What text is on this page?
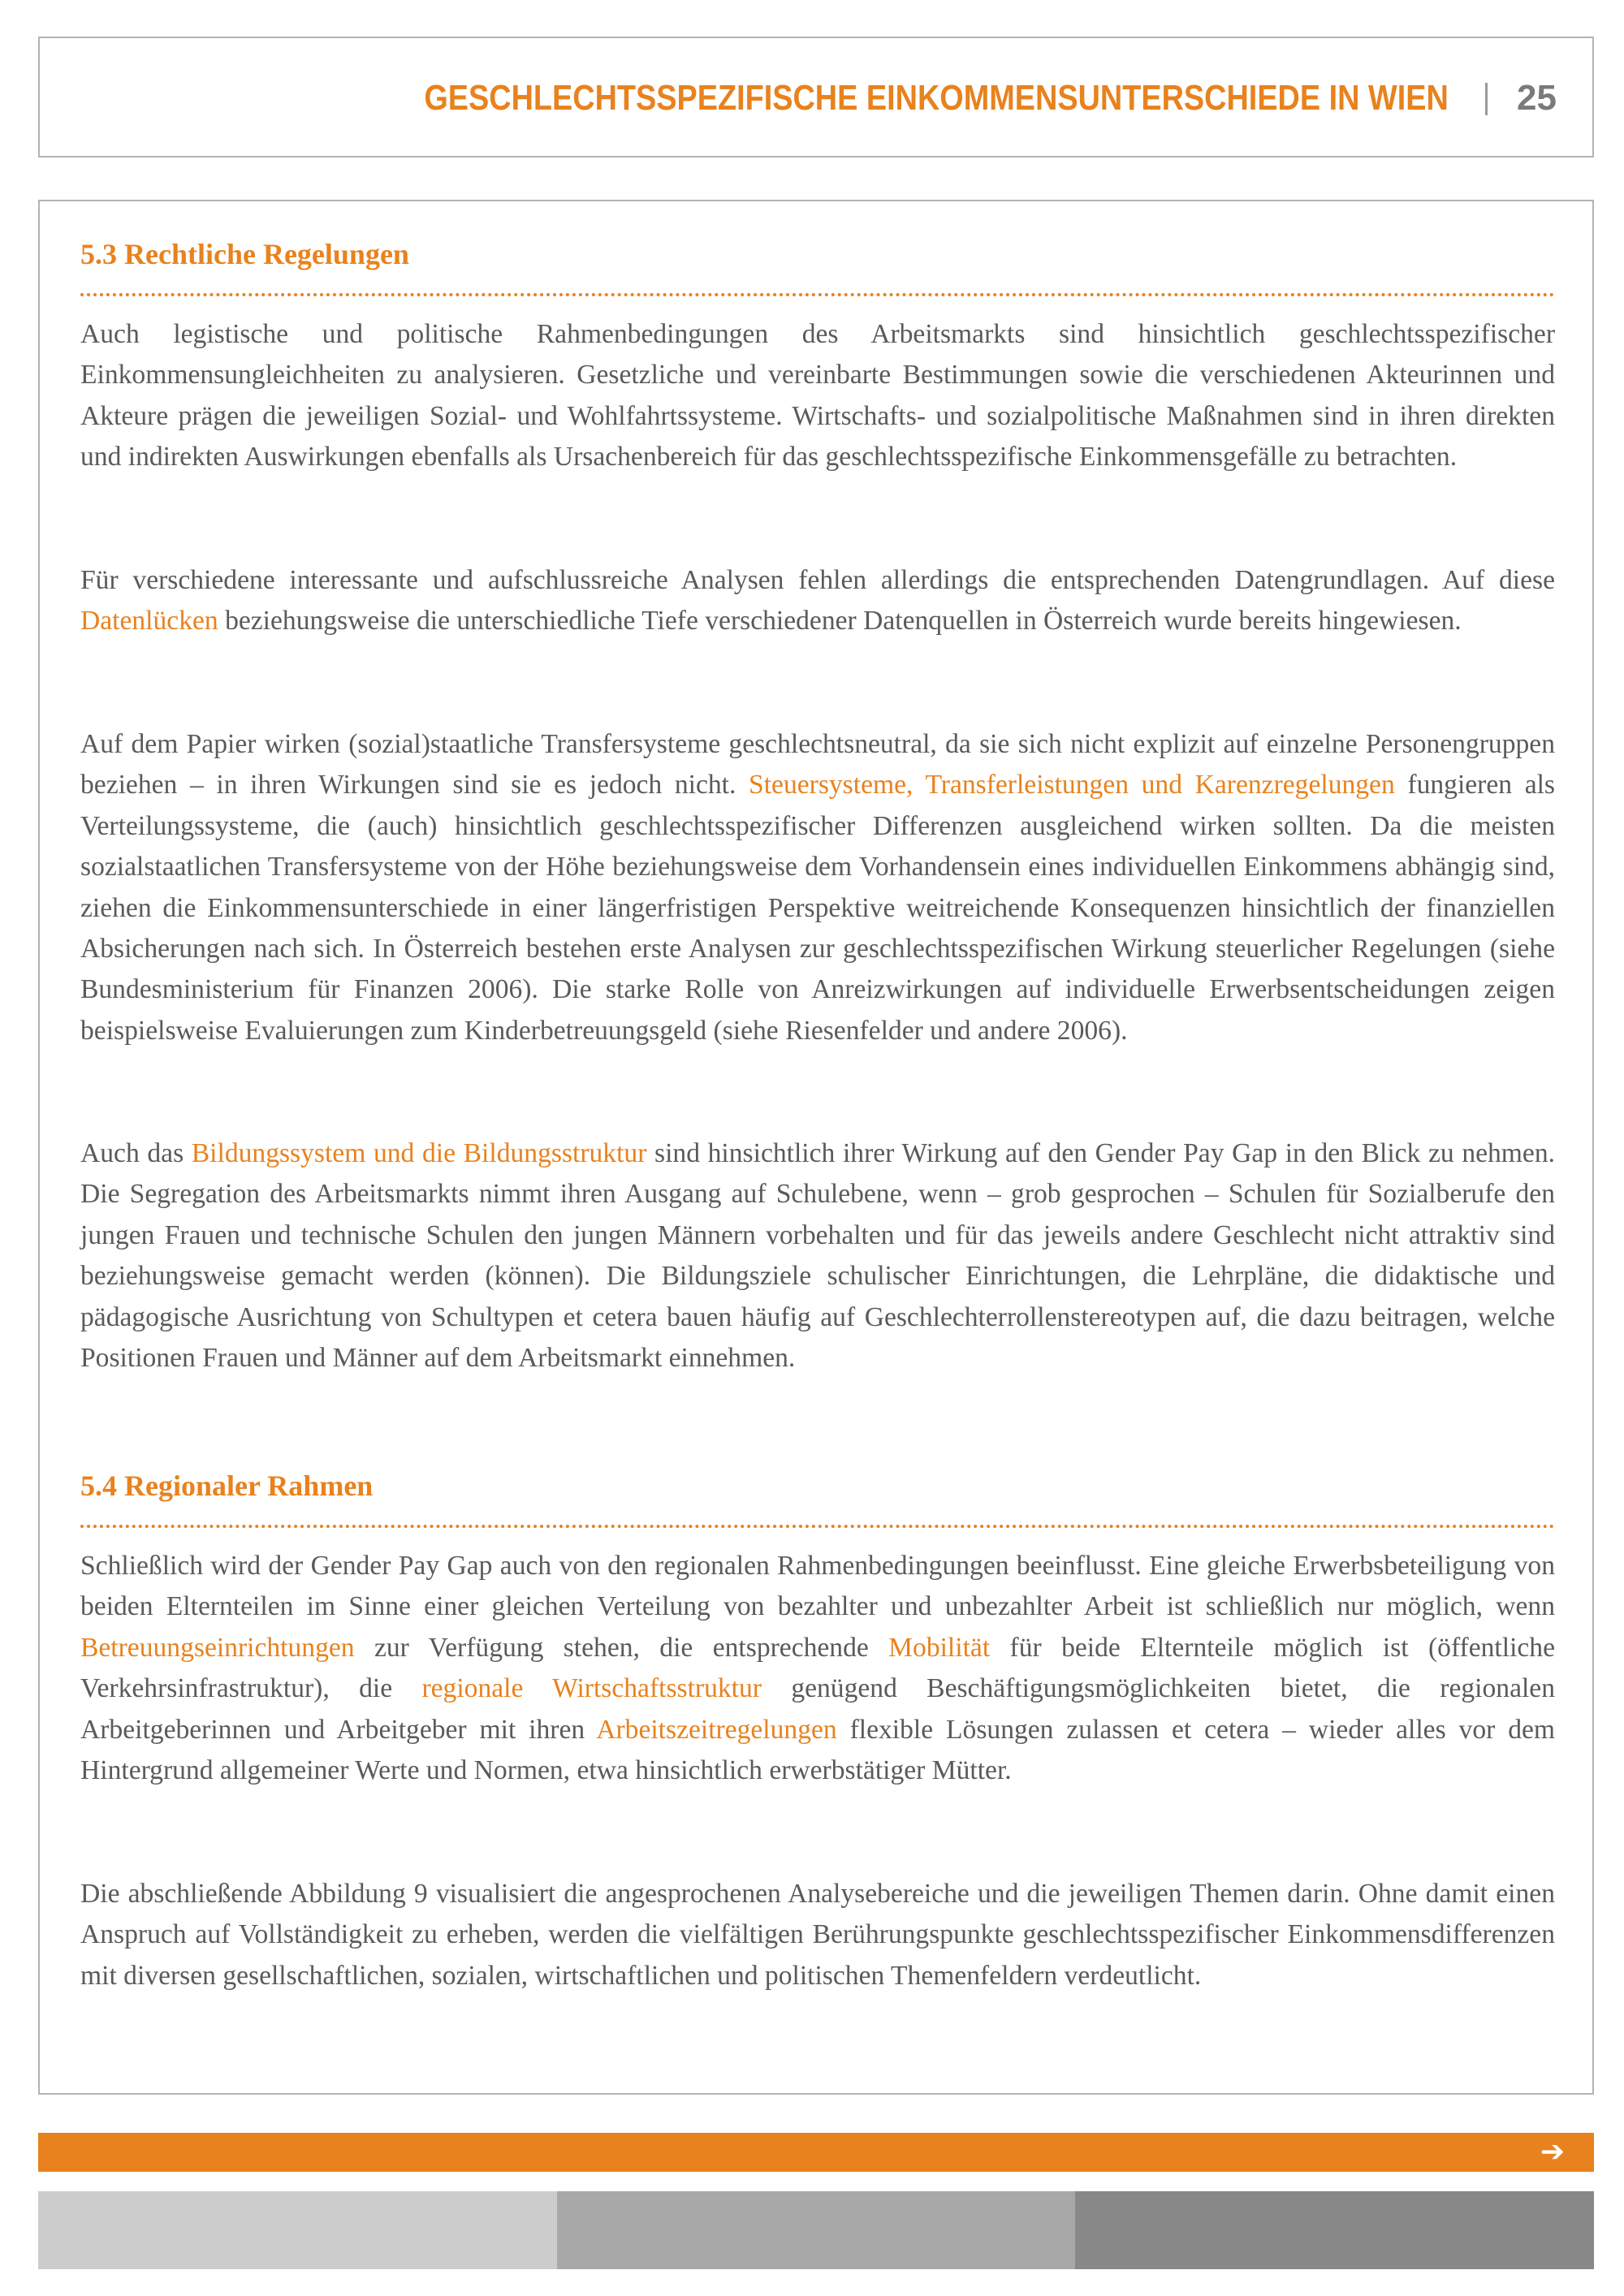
GESCHLECHTSSPEZIFISCHE EINKOMMENSUNTERSCHIEDE IN WIEN 25
5.3 Rechtliche Regelungen
Auch legistische und politische Rahmenbedingungen des Arbeitsmarkts sind hinsichtlich geschlechtsspezifischer Einkommensungleichheiten zu analysieren. Gesetzliche und vereinbarte Bestimmungen sowie die verschiedenen Akteurinnen und Akteure prägen die jeweiligen Sozial- und Wohlfahrtssysteme. Wirtschafts- und sozialpolitische Maßnahmen sind in ihren direkten und indirekten Auswirkungen ebenfalls als Ursachenbereich für das geschlechtsspezifische Einkommensgefälle zu betrachten.
Für verschiedene interessante und aufschlussreiche Analysen fehlen allerdings die entsprechenden Datengrundlagen. Auf diese Datenlücken beziehungsweise die unterschiedliche Tiefe verschiedener Datenquellen in Österreich wurde bereits hingewiesen.
Auf dem Papier wirken (sozial)staatliche Transfersysteme geschlechtsneutral, da sie sich nicht explizit auf einzelne Personengruppen beziehen – in ihren Wirkungen sind sie es jedoch nicht. Steuersysteme, Transferleistungen und Karenzregelungen fungieren als Verteilungssysteme, die (auch) hinsichtlich geschlechtsspezifischer Differenzen ausgleichend wirken sollten. Da die meisten sozialstaatlichen Transfersysteme von der Höhe beziehungsweise dem Vorhandensein eines individuellen Einkommens abhängig sind, ziehen die Einkommensunterschiede in einer längerfristigen Perspektive weitreichende Konsequenzen hinsichtlich der finanziellen Absicherungen nach sich. In Österreich bestehen erste Analysen zur geschlechtsspezifischen Wirkung steuerlicher Regelungen (siehe Bundesministerium für Finanzen 2006). Die starke Rolle von Anreizwirkungen auf individuelle Erwerbsentscheidungen zeigen beispielsweise Evaluierungen zum Kinderbetreuungsgeld (siehe Riesenfelder und andere 2006).
Auch das Bildungssystem und die Bildungsstruktur sind hinsichtlich ihrer Wirkung auf den Gender Pay Gap in den Blick zu nehmen. Die Segregation des Arbeitsmarkts nimmt ihren Ausgang auf Schulebene, wenn – grob gesprochen – Schulen für Sozialberufe den jungen Frauen und technische Schulen den jungen Männern vorbehalten und für das jeweils andere Geschlecht nicht attraktiv sind beziehungsweise gemacht werden (können). Die Bildungsziele schulischer Einrichtungen, die Lehrpläne, die didaktische und pädagogische Ausrichtung von Schultypen et cetera bauen häufig auf Geschlechterrollenstereotypen auf, die dazu beitragen, welche Positionen Frauen und Männer auf dem Arbeitsmarkt einnehmen.
5.4 Regionaler Rahmen
Schließlich wird der Gender Pay Gap auch von den regionalen Rahmenbedingungen beeinflusst. Eine gleiche Erwerbsbeteiligung von beiden Elternteilen im Sinne einer gleichen Verteilung von bezahlter und unbezahlter Arbeit ist schließlich nur möglich, wenn Betreuungseinrichtungen zur Verfügung stehen, die entsprechende Mobilität für beide Elternteile möglich ist (öffentliche Verkehrsinfrastruktur), die regionale Wirtschaftsstruktur genügend Beschäftigungsmöglichkeiten bietet, die regionalen Arbeitgeberinnen und Arbeitgeber mit ihren Arbeitszeitregelungen flexible Lösungen zulassen et cetera – wieder alles vor dem Hintergrund allgemeiner Werte und Normen, etwa hinsichtlich erwerbstätiger Mütter.
Die abschließende Abbildung 9 visualisiert die angesprochenen Analysebereiche und die jeweiligen Themen darin. Ohne damit einen Anspruch auf Vollständigkeit zu erheben, werden die vielfältigen Berührungspunkte geschlechtsspezifischer Einkommensdifferenzen mit diversen gesellschaftlichen, sozialen, wirtschaftlichen und politischen Themenfeldern verdeutlicht.
➔
